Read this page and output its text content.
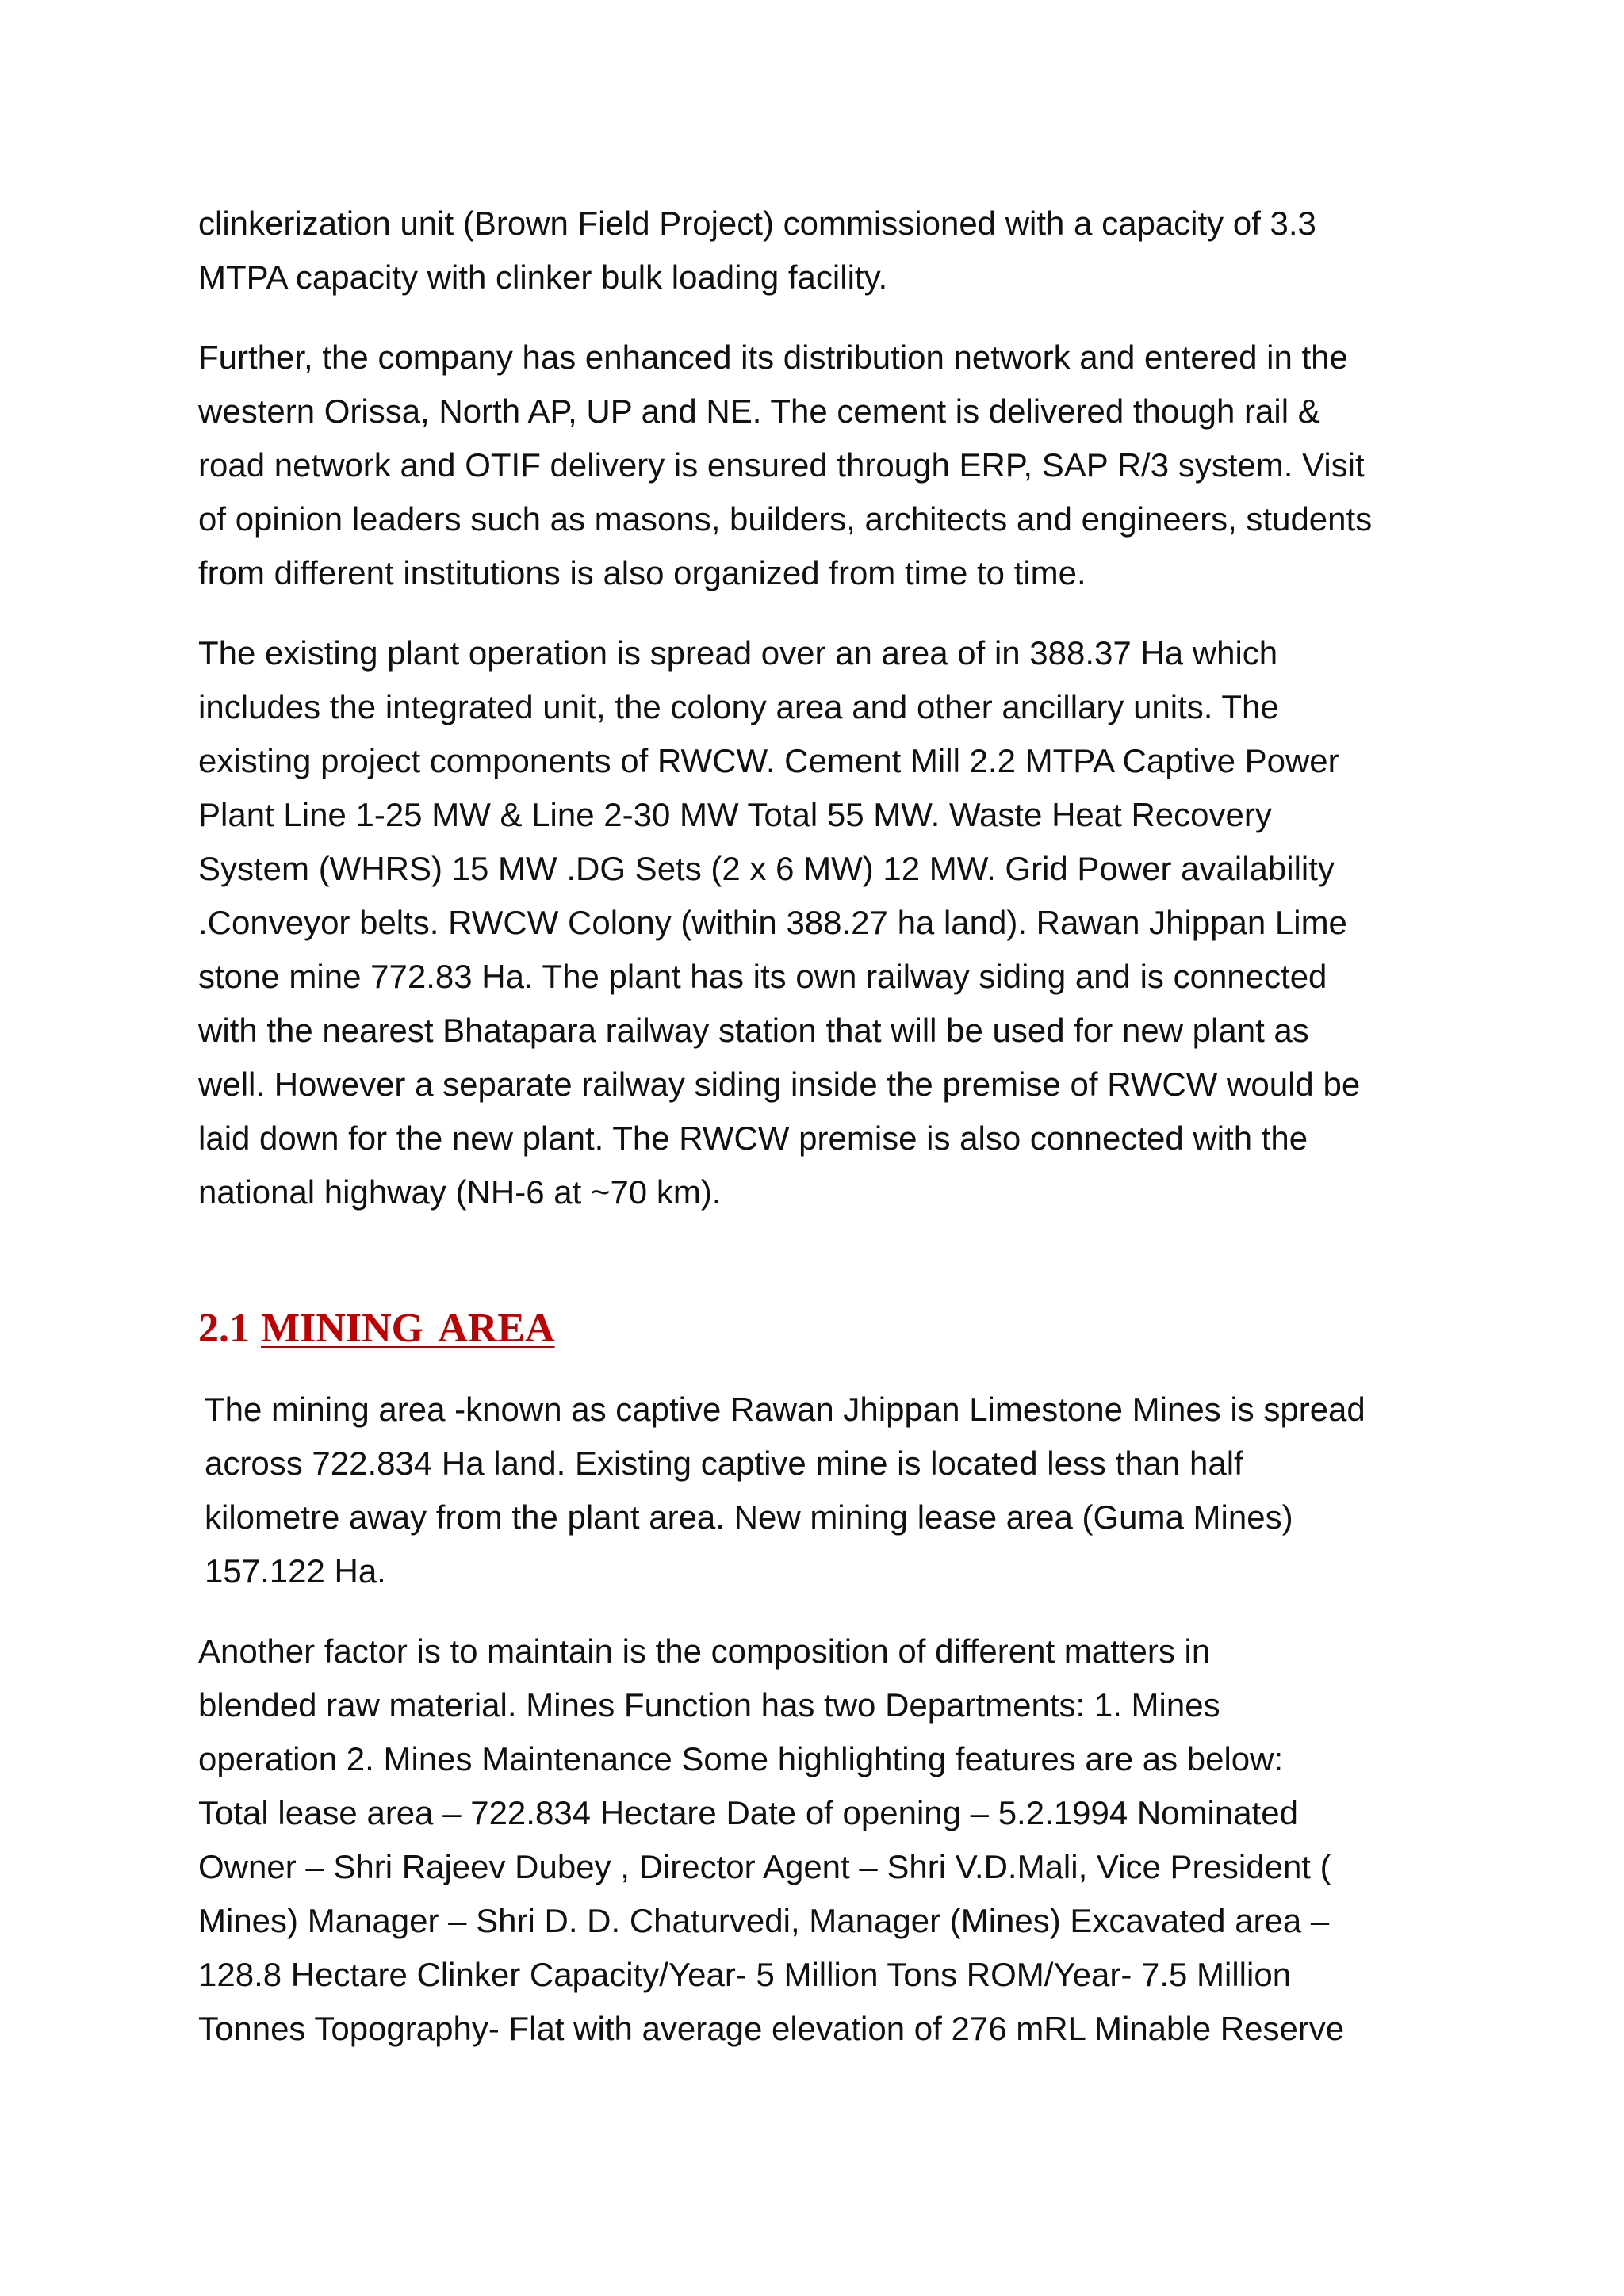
clinkerization unit (Brown Field Project) commissioned with a capacity of 3.3
MTPA capacity with clinker bulk loading facility.

Further, the company has enhanced its distribution network and entered in the
western Orissa, North AP, UP and NE. The cement is delivered though rail &
road network and OTIF delivery is ensured through ERP, SAP R/3 system. Visit
of opinion leaders such as masons, builders, architects and engineers, students
from different institutions is also organized from time to time.

The existing plant operation is spread over an area of in 388.37 Ha which
includes the integrated unit, the colony area and other ancillary units. The
existing project components of RWCW. Cement Mill 2.2 MTPA Captive Power
Plant Line 1-25 MW & Line 2-30 MW Total 55 MW. Waste Heat Recovery
System (WHRS) 15 MW .DG Sets (2 x 6 MW) 12 MW. Grid Power availability
.Conveyor belts. RWCW Colony (within 388.27 ha land). Rawan Jhippan Lime
stone mine 772.83 Ha. The plant has its own railway siding and is connected
with the nearest Bhatapara railway station that will be used for new plant as
well. However a separate railway siding inside the premise of RWCW would be
laid down for the new plant. The RWCW premise is also connected with the
national highway (NH-6 at ~70 km).

2.1 MINING AREA

The mining area -known as captive Rawan Jhippan Limestone Mines is spread
across 722.834 Ha land. Existing captive mine is located less than half
kilometre away from the plant area. New mining lease area (Guma Mines)
157.122 Ha.

Another factor is to maintain is the composition of different matters in
blended raw material. Mines Function has two Departments: 1. Mines
operation 2. Mines Maintenance Some highlighting features are as below:
Total lease area – 722.834 Hectare Date of opening – 5.2.1994 Nominated
Owner – Shri Rajeev Dubey , Director Agent – Shri V.D.Mali, Vice President (
Mines) Manager – Shri D. D. Chaturvedi, Manager (Mines) Excavated area –
128.8 Hectare Clinker Capacity/Year- 5 Million Tons ROM/Year- 7.5 Million
Tonnes Topography- Flat with average elevation of 276 mRL Minable Reserve
